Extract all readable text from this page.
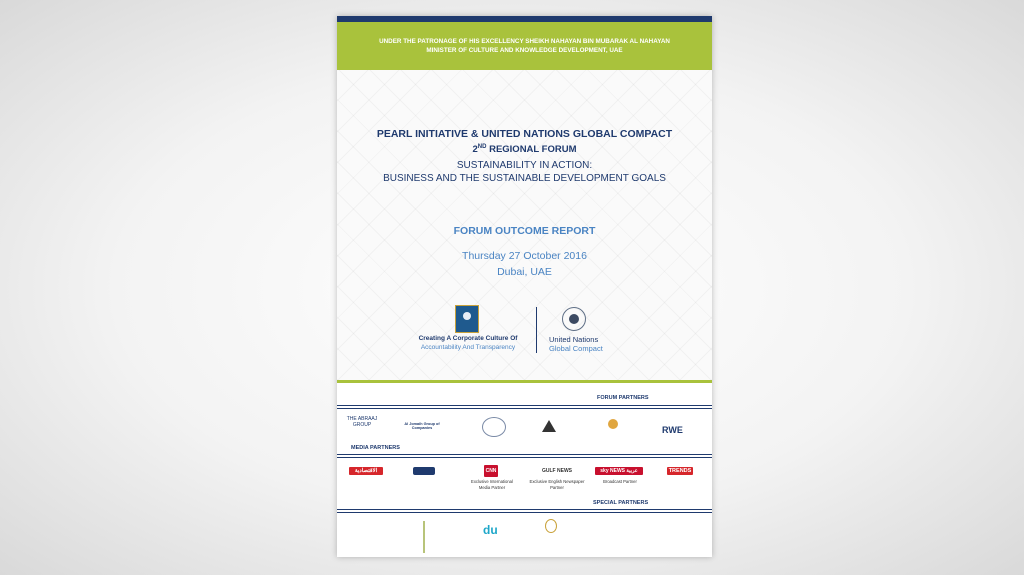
UNDER THE PATRONAGE OF HIS EXCELLENCY SHEIKH NAHAYAN BIN MUBARAK AL NAHAYAN
MINISTER OF CULTURE AND KNOWLEDGE DEVELOPMENT, UAE
PEARL INITIATIVE & UNITED NATIONS GLOBAL COMPACT
2ND REGIONAL FORUM
SUSTAINABILITY IN ACTION:
BUSINESS AND THE SUSTAINABLE DEVELOPMENT GOALS
FORUM OUTCOME REPORT
Thursday 27 October 2016
Dubai, UAE
Creating A Corporate Culture Of
Accountability And Transparency
United Nations
Global Compact
FORUM PARTNERS
THE ABRAAJ GROUP	Al Jomaih Group of Companies	RWE
MEDIA PARTNERS
الاقتصادية	CNN
Exclusive International Media Partner
GULF NEWS
Exclusive English Newspaper Partner
sky NEWS عربية
Broadcast Partner
TRENDS
SPECIAL PARTNERS
du
